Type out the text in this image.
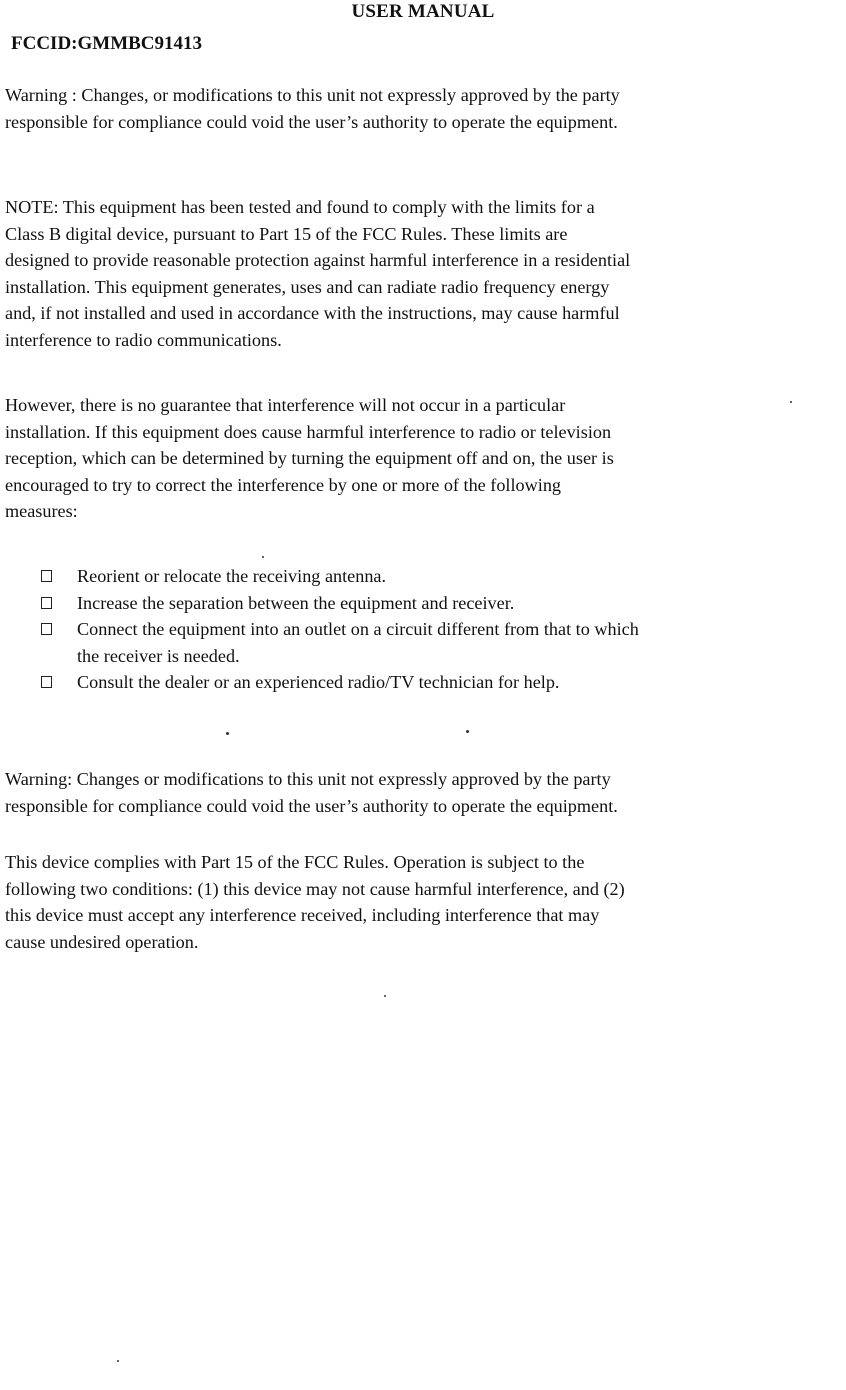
USER MANUAL
FCCID:GMMBC91413

Warning : Changes, or modifications to this unit not expressly approved by the party
responsible for compliance could void the user’s authority to operate the equipment.

NOTE: This equipment has been tested and found to comply with the limits for a
Class B digital device, pursuant to Part 15 of the FCC Rules. These limits are
designed to provide reasonable protection against harmful interference in a residential
installation. This equipment generates, uses and can radiate radio frequency energy
and, if not installed and used in accordance with the instructions, may cause harmful
interference to radio communications.

However, there is no guarantee that interference will not occur in a particular
installation. If this equipment does cause harmful interference to radio or television
reception, which can be determined by turning the equipment off and on, the user is
encouraged to try to correct the interference by one or more of the following
measures:

Reorient or relocate the receiving antenna.
Increase the separation between the equipment and receiver.
Connect the equipment into an outlet on a circuit different from that to which
the receiver is needed.
Consult the dealer or an experienced radio/TV technician for help.

Warning: Changes or modifications to this unit not expressly approved by the party
responsible for compliance could void the user’s authority to operate the equipment.

This device complies with Part 15 of the FCC Rules. Operation is subject to the
following two conditions: (1) this device may not cause harmful interference, and (2)
this device must accept any interference received, including interference that may
cause undesired operation.
